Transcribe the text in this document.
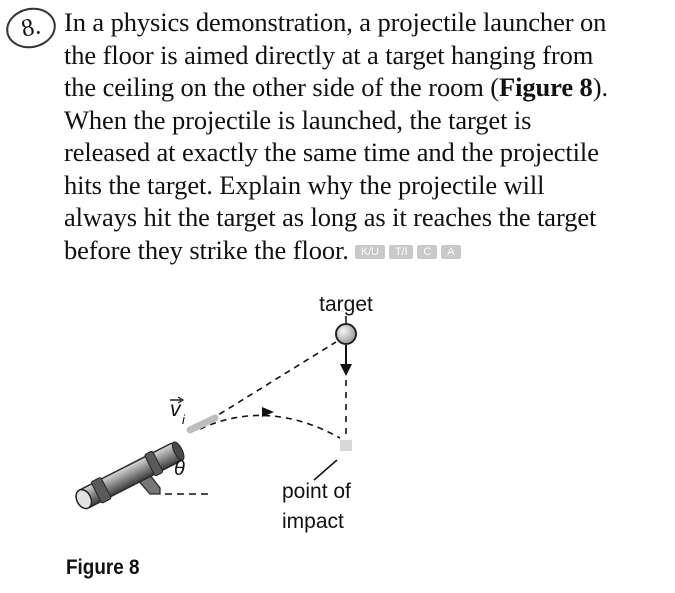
8. In a physics demonstration, a projectile launcher on

the floor is aimed directly at a target hanging from

the ceiling on the other side of the room (Figure 8).

When the projectile is launched, the target is

released at exactly the same time and the projectile

hits the target. Explain why the projectile will

always hit the target as long as it reaches the target

before they strike the floor.	K/U	T/I	C	A

target
v i
θ
point of
impact
Figure 8
